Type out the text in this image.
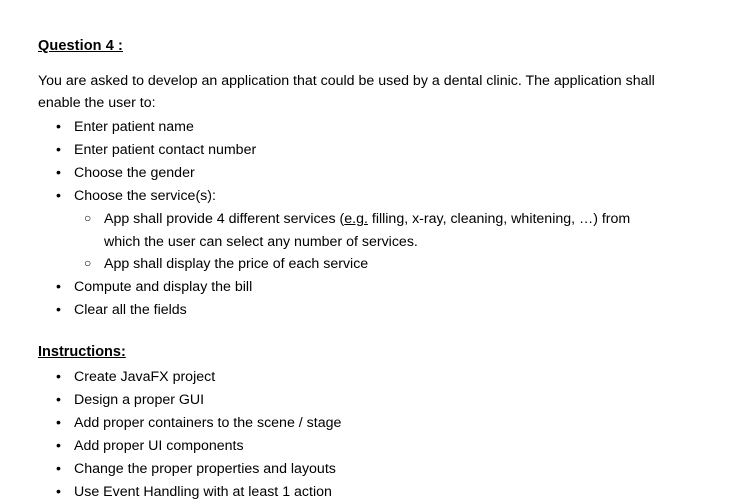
Question 4 :

You are asked to develop an application that could be used by a dental clinic. The application shall enable the user to:

• Enter patient name
• Enter patient contact number
• Choose the gender
• Choose the service(s):
○ App shall provide 4 different services (e.g. filling, x-ray, cleaning, whitening, …) from
which the user can select any number of services.
○ App shall display the price of each service
• Compute and display the bill
• Clear all the fields
Instructions:
• Create JavaFX project
• Design a proper GUI
• Add proper containers to the scene / stage
• Add proper UI components
• Change the proper properties and layouts
• Use Event Handling with at least 1 action
